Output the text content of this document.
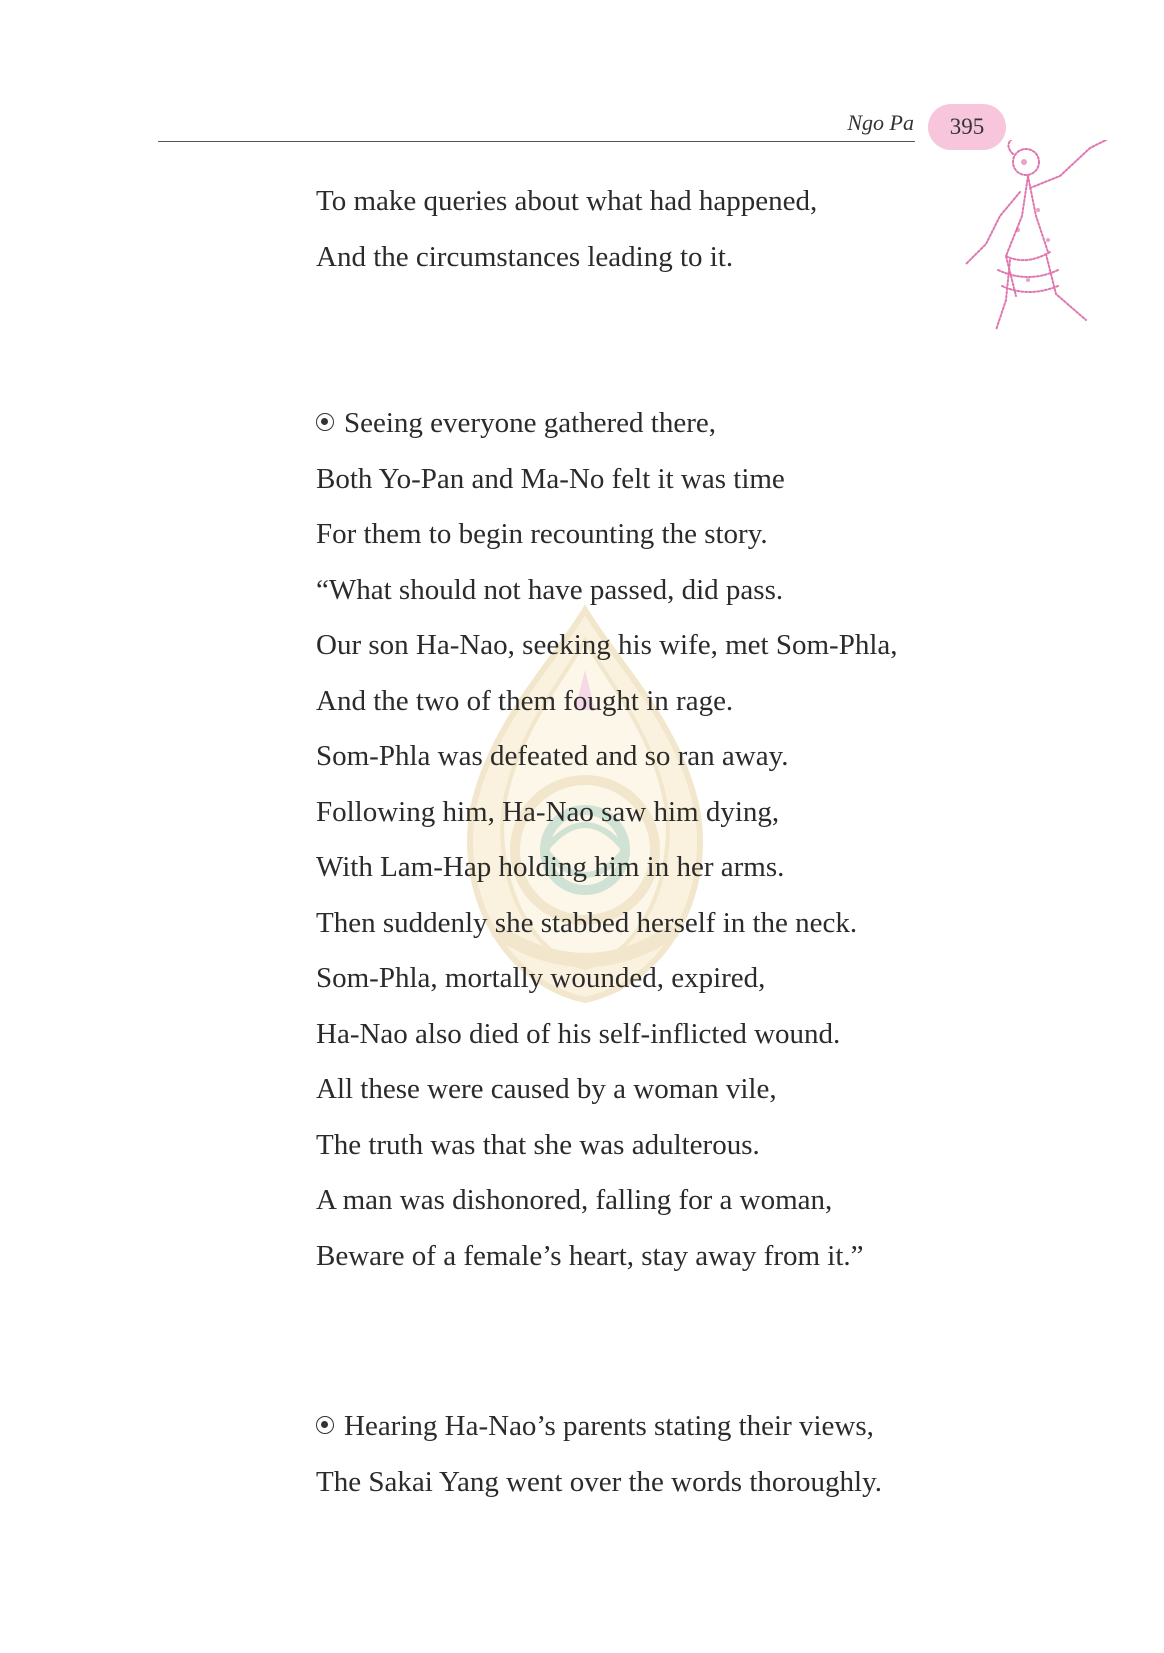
Ngo Pa 395
To make queries about what had happened,
And the circumstances leading to it.
Seeing everyone gathered there,
Both Yo-Pan and Ma-No felt it was time
For them to begin recounting the story.
“What should not have passed, did pass.
Our son Ha-Nao, seeking his wife, met Som-Phla,
And the two of them fought in rage.
Som-Phla was defeated and so ran away.
Following him, Ha-Nao saw him dying,
With Lam-Hap holding him in her arms.
Then suddenly she stabbed herself in the neck.
Som-Phla, mortally wounded, expired,
Ha-Nao also died of his self-inflicted wound.
All these were caused by a woman vile,
The truth was that she was adulterous.
A man was dishonored, falling for a woman,
Beware of a female’s heart, stay away from it.”
Hearing Ha-Nao’s parents stating their views,
The Sakai Yang went over the words thoroughly.
